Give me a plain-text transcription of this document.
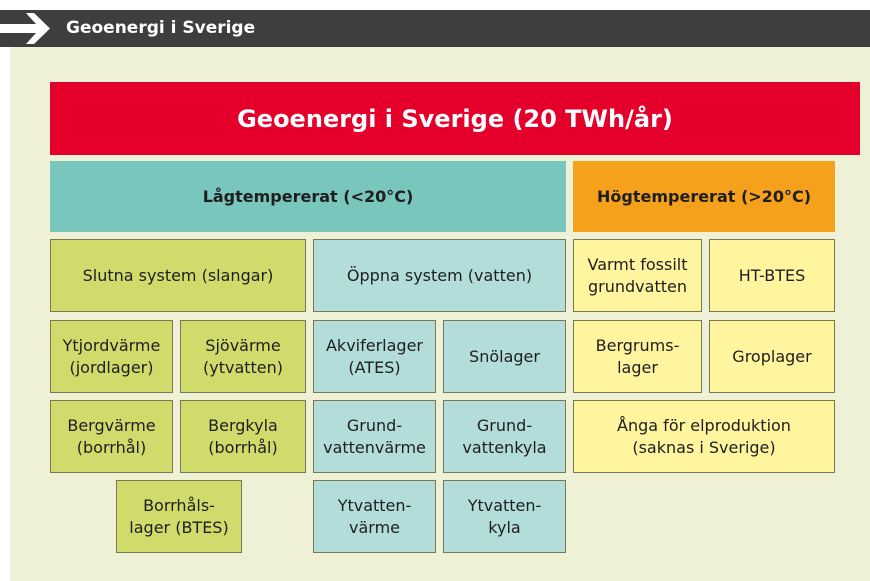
Geoenergi i Sverige
Geoenergi i Sverige (20 TWh/år)
Lågtempererat (<20°C)	Högtempererat (>20°C)
Slutna system (slangar)	Öppna system (vatten)
Varmt fossilt
grundvatten
HT-BTES
Ytjordvärme
(jordlager)
Sjövärme
(ytvatten)
Akviferlager
(ATES)
Snölager
Bergrums-
lager
Groplager
Bergvärme
(borrhål)
Bergkyla
(borrhål)
Grund-
vattenvärme
Grund-
vattenkyla
Ånga för elproduktion
(saknas i Sverige)
Borrhåls-
lager (BTES)
Ytvatten-
värme
Ytvatten-
kyla
